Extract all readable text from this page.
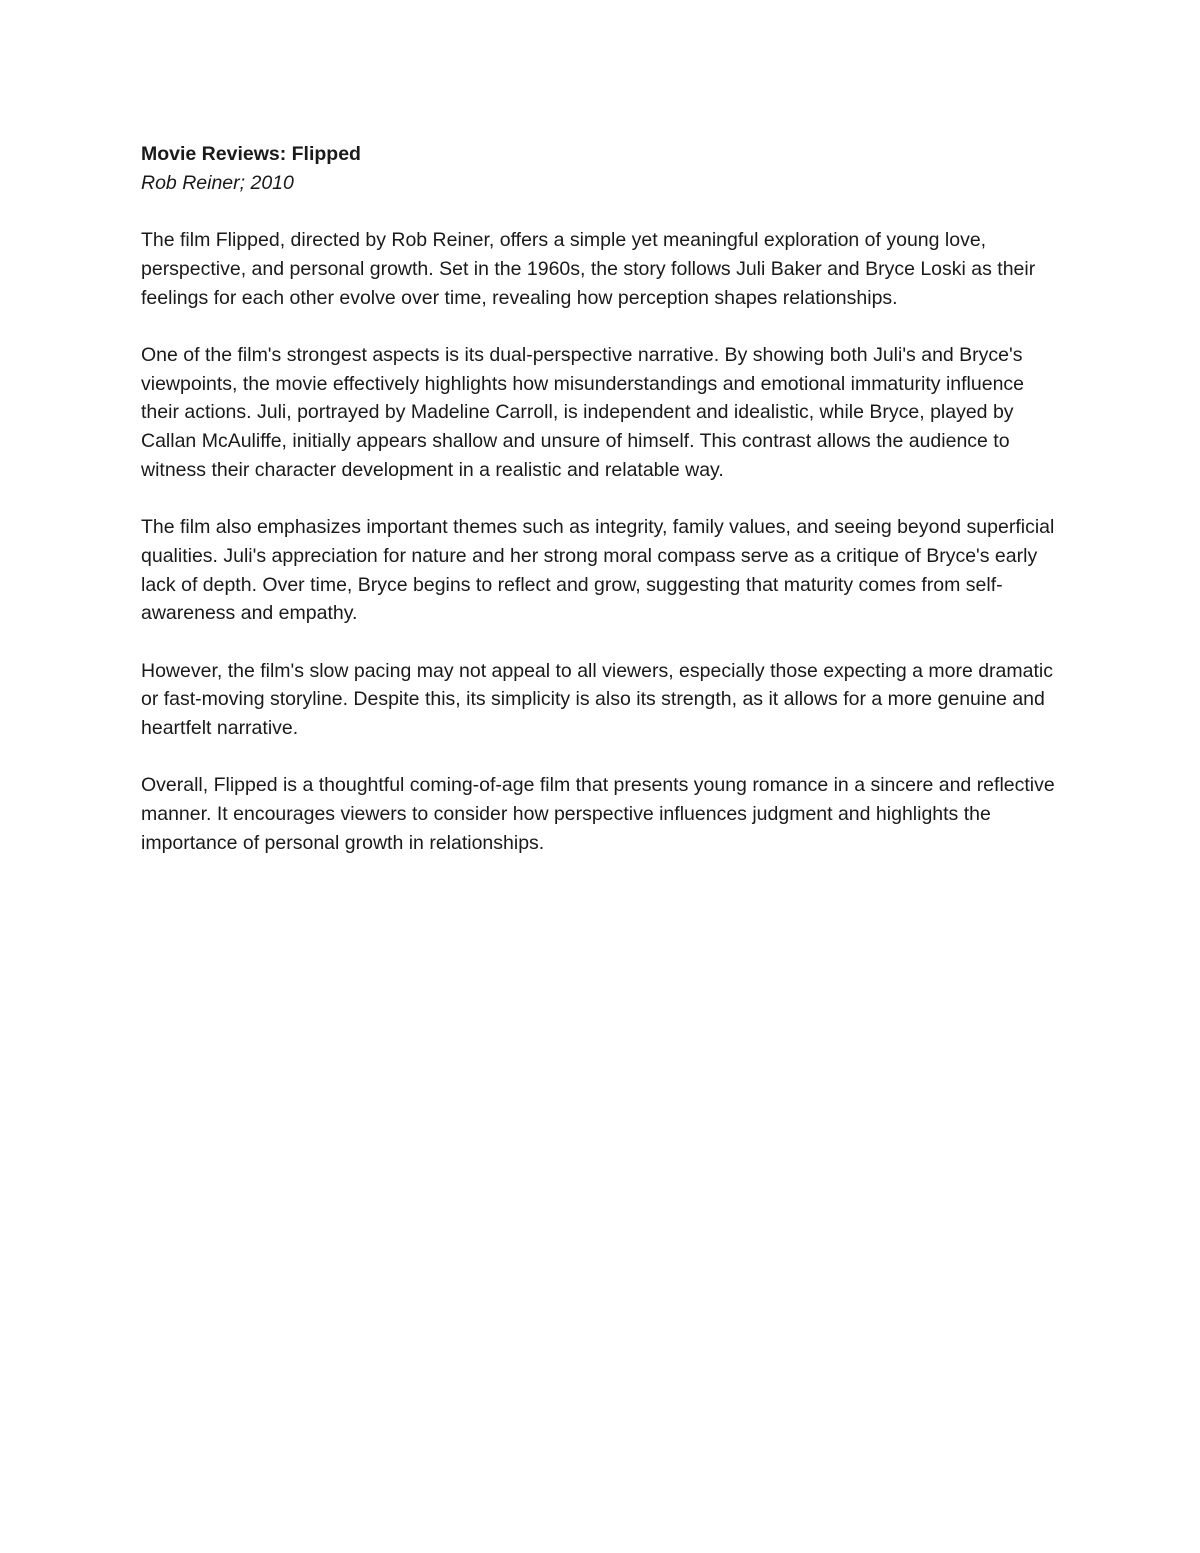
Movie Reviews: Flipped

Rob Reiner; 2010

The film Flipped, directed by Rob Reiner, offers a simple yet meaningful exploration of young love, perspective, and personal growth. Set in the 1960s, the story follows Juli Baker and Bryce Loski as their feelings for each other evolve over time, revealing how perception shapes relationships.

One of the film's strongest aspects is its dual-perspective narrative. By showing both Juli's and Bryce's viewpoints, the movie effectively highlights how misunderstandings and emotional immaturity influence their actions. Juli, portrayed by Madeline Carroll, is independent and idealistic, while Bryce, played by Callan McAuliffe, initially appears shallow and unsure of himself. This contrast allows the audience to witness their character development in a realistic and relatable way.

The film also emphasizes important themes such as integrity, family values, and seeing beyond superficial qualities. Juli's appreciation for nature and her strong moral compass serve as a critique of Bryce's early lack of depth. Over time, Bryce begins to reflect and grow, suggesting that maturity comes from self-awareness and empathy.

However, the film's slow pacing may not appeal to all viewers, especially those expecting a more dramatic or fast-moving storyline. Despite this, its simplicity is also its strength, as it allows for a more genuine and heartfelt narrative.

Overall, Flipped is a thoughtful coming-of-age film that presents young romance in a sincere and reflective manner. It encourages viewers to consider how perspective influences judgment and highlights the importance of personal growth in relationships.
